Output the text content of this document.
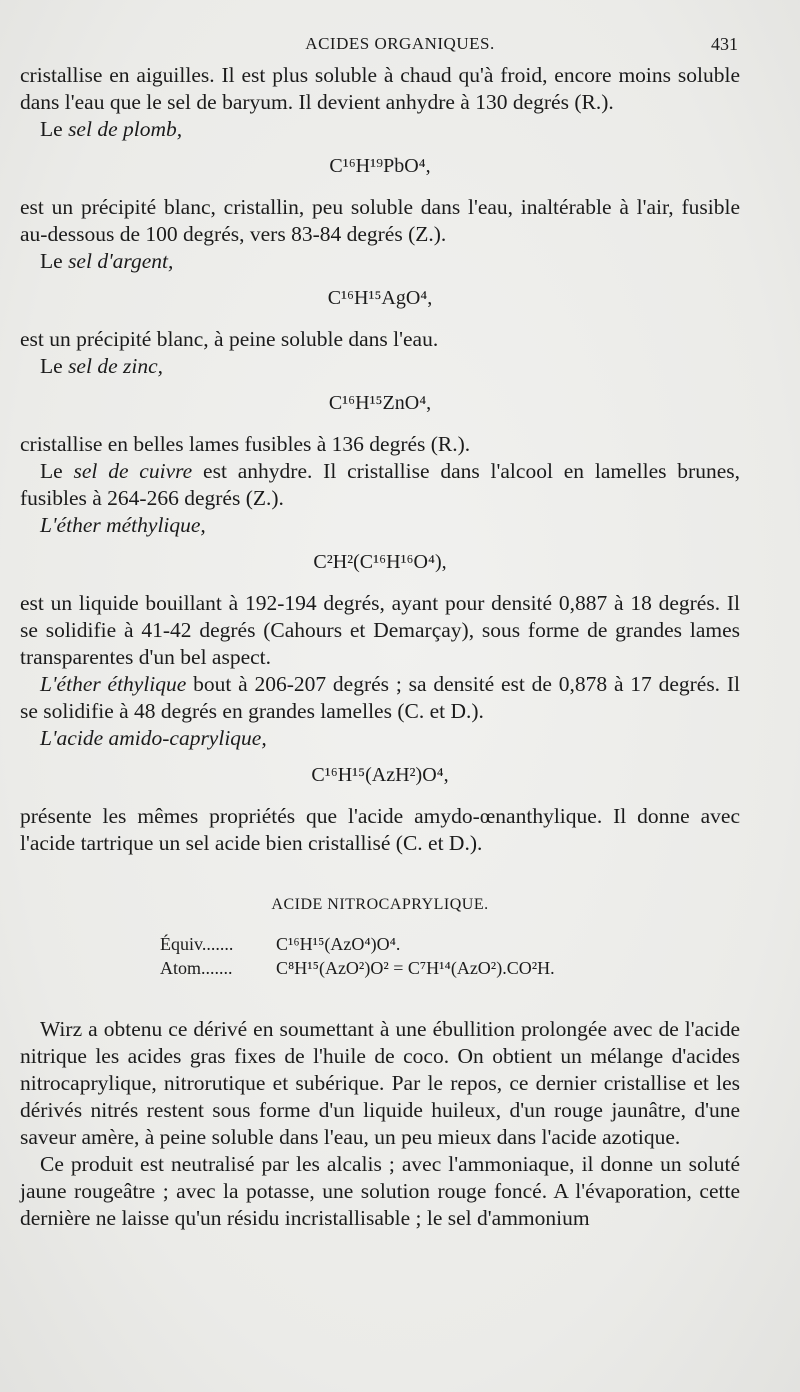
ACIDES ORGANIQUES.	431

cristallise en aiguilles. Il est plus soluble à chaud qu'à froid, encore moins soluble dans l'eau que le sel de baryum. Il devient anhydre à 130 degrés (R.).

Le sel de plomb,

C¹⁶H¹⁹PbO⁴,

est un précipité blanc, cristallin, peu soluble dans l'eau, inaltérable à l'air, fusible au-dessous de 100 degrés, vers 83-84 degrés (Z.).

Le sel d'argent,

C¹⁶H¹⁵AgO⁴,

est un précipité blanc, à peine soluble dans l'eau.

Le sel de zinc,

C¹⁶H¹⁵ZnO⁴,

cristallise en belles lames fusibles à 136 degrés (R.).

Le sel de cuivre est anhydre. Il cristallise dans l'alcool en lamelles brunes, fusibles à 264-266 degrés (Z.).

L'éther méthylique,

C²H²(C¹⁶H¹⁶O⁴),

est un liquide bouillant à 192-194 degrés, ayant pour densité 0,887 à 18 degrés. Il se solidifie à 41-42 degrés (Cahours et Demarçay), sous forme de grandes lames transparentes d'un bel aspect.

L'éther éthylique bout à 206-207 degrés ; sa densité est de 0,878 à 17 degrés. Il se solidifie à 48 degrés en grandes lamelles (C. et D.).

L'acide amido-caprylique,

C¹⁶H¹⁵(AzH²)O⁴,

présente les mêmes propriétés que l'acide amydo-œnanthylique. Il donne avec l'acide tartrique un sel acide bien cristallisé (C. et D.).

ACIDE NITROCAPRYLIQUE.
Équiv.......	C¹⁶H¹⁵(AzO⁴)O⁴.
Atom.......	C⁸H¹⁵(AzO²)O² = C⁷H¹⁴(AzO²).CO²H.

Wirz a obtenu ce dérivé en soumettant à une ébullition prolongée avec de l'acide nitrique les acides gras fixes de l'huile de coco. On obtient un mélange d'acides nitrocaprylique, nitrorutique et subérique. Par le repos, ce dernier cristallise et les dérivés nitrés restent sous forme d'un liquide huileux, d'un rouge jaunâtre, d'une saveur amère, à peine soluble dans l'eau, un peu mieux dans l'acide azotique.

Ce produit est neutralisé par les alcalis ; avec l'ammoniaque, il donne un soluté jaune rougeâtre ; avec la potasse, une solution rouge foncé. A l'évaporation, cette dernière ne laisse qu'un résidu incristallisable ; le sel d'ammonium
